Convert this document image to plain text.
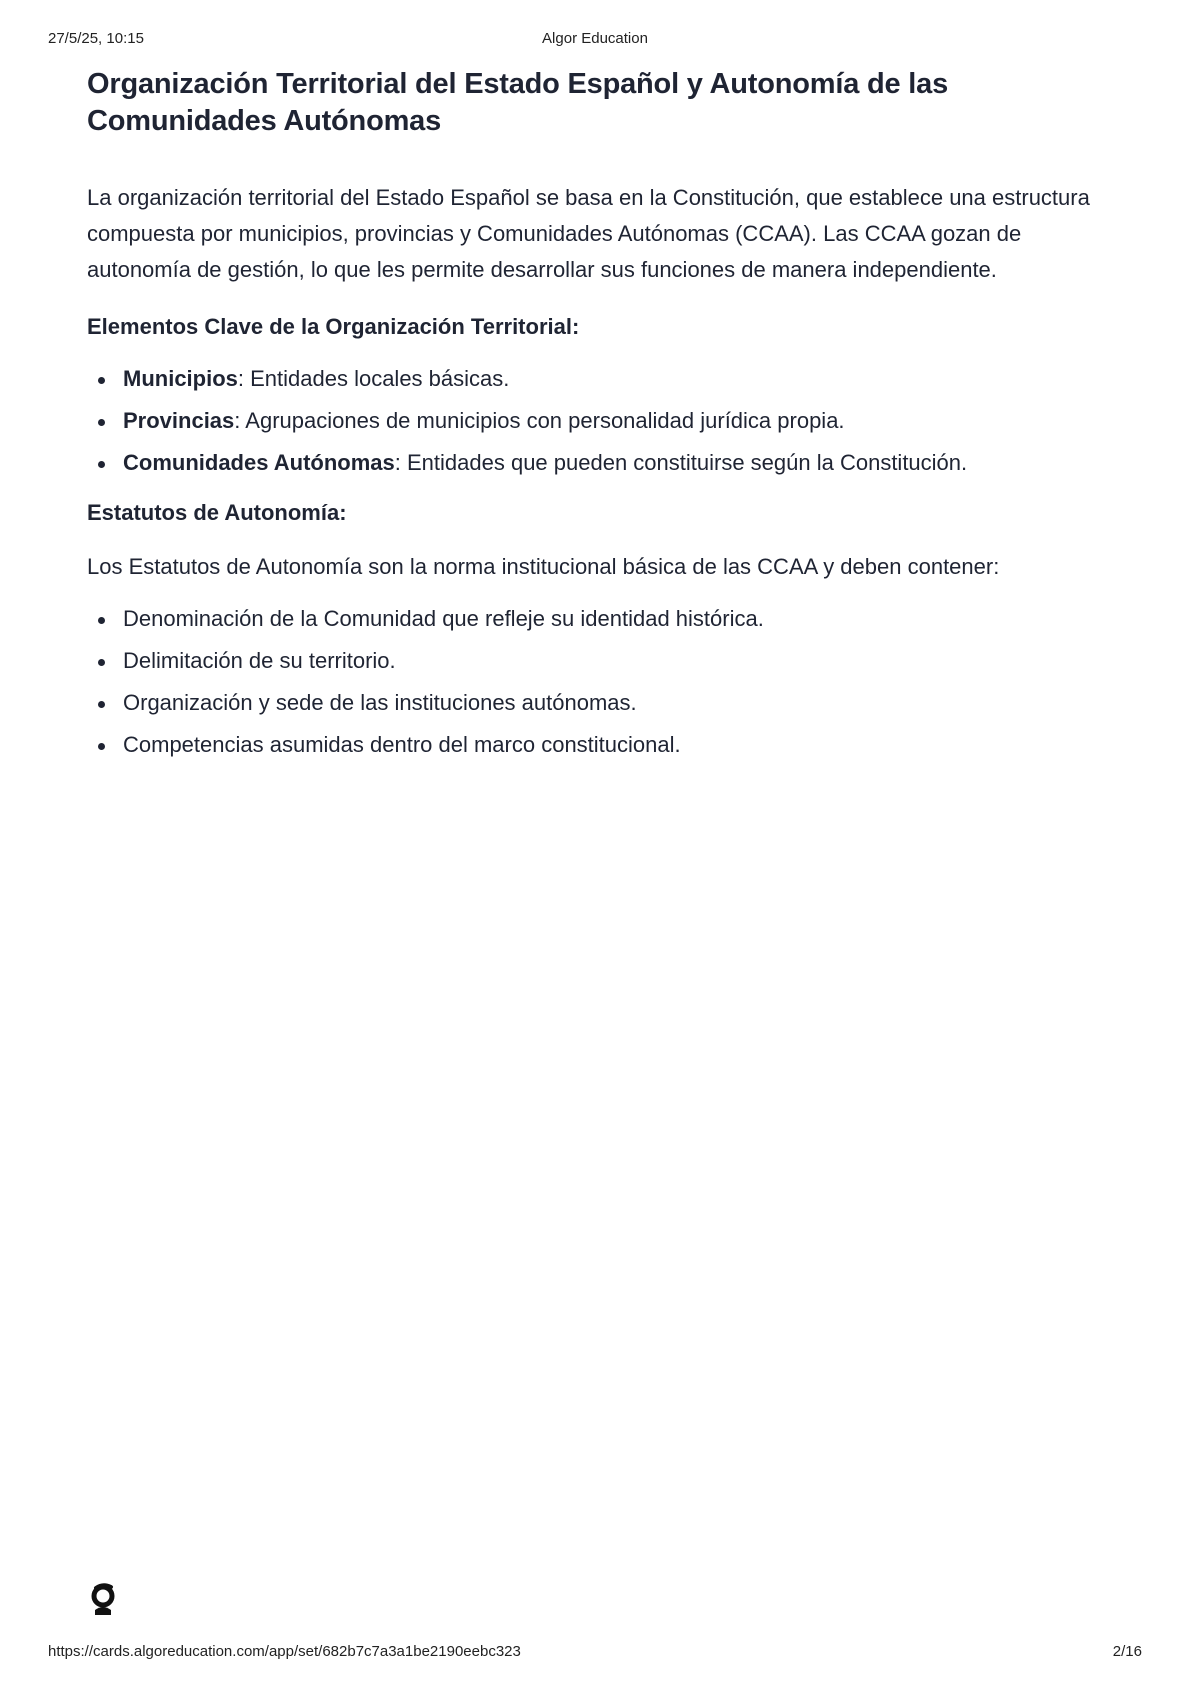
27/5/25, 10:15	Algor Education
Organización Territorial del Estado Español y Autonomía de las Comunidades Autónomas

La organización territorial del Estado Español se basa en la Constitución, que establece una estructura compuesta por municipios, provincias y Comunidades Autónomas (CCAA). Las CCAA gozan de autonomía de gestión, lo que les permite desarrollar sus funciones de manera independiente.

Elementos Clave de la Organización Territorial:
Municipios: Entidades locales básicas.
Provincias: Agrupaciones de municipios con personalidad jurídica propia.
Comunidades Autónomas: Entidades que pueden constituirse según la Constitución.
Estatutos de Autonomía:

Los Estatutos de Autonomía son la norma institucional básica de las CCAA y deben contener:

Denominación de la Comunidad que refleje su identidad histórica.
Delimitación de su territorio.
Organización y sede de las instituciones autónomas.
Competencias asumidas dentro del marco constitucional.
https://cards.algoreducation.com/app/set/682b7c7a3a1be2190eebc323	2/16
